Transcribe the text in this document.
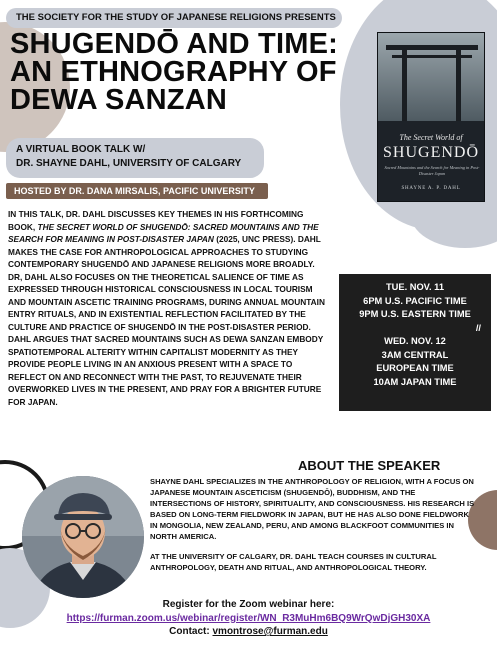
THE SOCIETY FOR THE STUDY OF JAPANESE RELIGIONS PRESENTS
SHUGENDŌ AND TIME:
AN ETHNOGRAPHY OF
DEWA SANZAN
A VIRTUAL BOOK TALK W/
DR. SHAYNE DAHL, UNIVERSITY OF CALGARY
HOSTED BY DR. DANA MIRSALIS, PACIFIC UNIVERSITY
IN THIS TALK, DR. DAHL DISCUSSES KEY THEMES IN HIS FORTHCOMING BOOK, THE SECRET WORLD OF SHUGENDŌ: SACRED MOUNTAINS AND THE SEARCH FOR MEANING IN POST-DISASTER JAPAN (2025, UNC PRESS). DAHL MAKES THE CASE FOR ANTHROPOLOGICAL APPROACHES TO STUDYING CONTEMPORARY SHUGENDŌ AND JAPANESE RELIGIONS MORE BROADLY. DR, DAHL ALSO FOCUSES ON THE THEORETICAL SALIENCE OF TIME AS EXPRESSED THROUGH HISTORICAL CONSCIOUSNESS IN LOCAL TOURISM AND MOUNTAIN ASCETIC TRAINING PROGRAMS, DURING ANNUAL MOUNTAIN ENTRY RITUALS, AND IN EXISTENTIAL REFLECTION FACILITATED BY THE CULTURE AND PRACTICE OF SHUGENDŌ IN THE POST-DISASTER PERIOD. DAHL ARGUES THAT SACRED MOUNTAINS SUCH AS DEWA SANZAN EMBODY SPATIOTEMPORAL ALTERITY WITHIN CAPITALIST MODERNITY AS THEY PROVIDE PEOPLE LIVING IN AN ANXIOUS PRESENT WITH A SPACE TO REFLECT ON AND RECONNECT WITH THE PAST, TO REJUVENATE THEIR OVERWORKED LIVES IN THE PRESENT, AND PRAY FOR A BRIGHTER FUTURE FOR JAPAN.
The Secret World of
SHUGENDŌ
Sacred Mountains and the Search for Meaning in Post-Disaster Japan
SHAYNE A. P. DAHL
TUE. NOV. 11
6PM U.S. PACIFIC TIME
9PM U.S. EASTERN TIME
//
WED. NOV. 12
3AM CENTRAL
EUROPEAN TIME
10AM JAPAN TIME
ABOUT THE SPEAKER

SHAYNE DAHL SPECIALIZES IN THE ANTHROPOLOGY OF RELIGION, WITH A FOCUS ON JAPANESE MOUNTAIN ASCETICISM (SHUGENDŌ), BUDDHISM, AND THE INTERSECTIONS OF HISTORY, SPIRITUALITY, AND CONSCIOUSNESS. HIS RESEARCH IS BASED ON LONG-TERM FIELDWORK IN JAPAN, BUT HE HAS ALSO DONE FIELDWORK IN MONGOLIA, NEW ZEALAND, PERU, AND AMONG BLACKFOOT COMMUNITIES IN NORTH AMERICA.

AT THE UNIVERSITY OF CALGARY, DR. DAHL TEACH COURSES IN CULTURAL ANTHROPOLOGY, DEATH AND RITUAL, AND ANTHROPOLOGICAL THEORY.

Register for the Zoom webinar here:
https://furman.zoom.us/webinar/register/WN_R3MuHm6BQ9WrQwDjGH30XA
Contact: vmontrose@furman.edu
